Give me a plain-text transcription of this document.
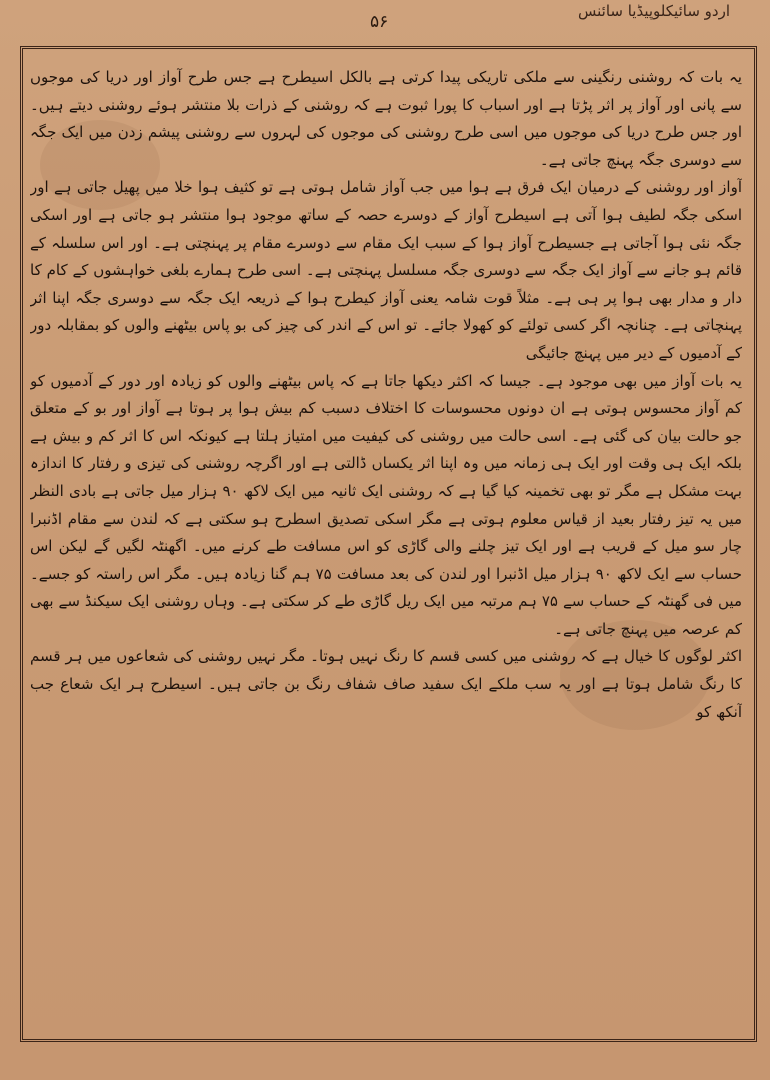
اردو سائیکلوپیڈیا سائنس
۵۶

یہ بات کہ روشنی رنگینی سے ملکی تاریکی پیدا کرتی ہے بالکل اسیطرح ہے جس طرح آواز اور دریا کی موجوں سے پانی اور آواز پر اثر پڑتا ہے اور اسباب کا پورا ثبوت ہے کہ روشنی کے ذرات بلا منتشر ہوئے روشنی دیتے ہیں۔ اور جس طرح دریا کی موجوں میں اسی طرح روشنی کی موجوں کی لہروں سے روشنی پیشم زدن میں ایک جگہ سے دوسری جگہ پہنچ جاتی ہے۔

آواز اور روشنی کے درمیان ایک فرق ہے ہوا میں جب آواز شامل ہوتی ہے تو کثیف ہوا خلا میں پھیل جاتی ہے اور اسکی جگہ لطیف ہوا آتی ہے اسیطرح آواز کے دوسرے حصہ کے ساتھ موجود ہوا منتشر ہو جاتی ہے اور اسکی جگہ نئی ہوا آجاتی ہے جسیطرح آواز ہوا کے سبب ایک مقام سے دوسرے مقام پر پہنچتی ہے۔ اور اس سلسلہ کے قائم ہو جانے سے آواز ایک جگہ سے دوسری جگہ مسلسل پہنچتی ہے۔ اسی طرح ہمارے بلغی خواہشوں کے کام کا دار و مدار بھی ہوا پر ہی ہے۔ مثلاً قوت شامہ یعنی آواز کیطرح ہوا کے ذریعہ ایک جگہ سے دوسری جگہ اپنا اثر پہنچاتی ہے۔ چنانچہ اگر کسی تولئے کو کھولا جائے۔ تو اس کے اندر کی چیز کی بو پاس بیٹھنے والوں کو بمقابلہ دور کے آدمیوں کے دیر میں پہنچ جائیگی

یہ بات آواز میں بھی موجود ہے۔ جیسا کہ اکثر دیکھا جاتا ہے کہ پاس بیٹھنے والوں کو زیادہ اور دور کے آدمیوں کو کم آواز محسوس ہوتی ہے ان دونوں محسوسات کا اختلاف دسبب کم بیش ہوا پر ہوتا ہے آواز اور بو کے متعلق جو حالت بیان کی گئی ہے۔ اسی حالت میں روشنی کی کیفیت میں امتیاز ہلتا ہے کیونکہ اس کا اثر کم و بیش ہے بلکہ ایک ہی وقت اور ایک ہی زمانہ میں وہ اپنا اثر یکساں ڈالتی ہے اور اگرچہ روشنی کی تیزی و رفتار کا اندازہ بہت مشکل ہے مگر تو بھی تخمینہ کیا گیا ہے کہ روشنی ایک ثانیہ میں ایک لاکھ ۹۰ ہزار میل جاتی ہے بادی النظر میں یہ تیز رفتار بعید از قیاس معلوم ہوتی ہے مگر اسکی تصدیق اسطرح ہو سکتی ہے کہ لندن سے مقام اڈنبرا چار سو میل کے قریب ہے اور ایک تیز چلنے والی گاڑی کو اس مسافت طے کرنے میں۔ اگھنٹہ لگیں گے لیکن اس حساب سے ایک لاکھ ۹۰ ہزار میل اڈنبرا اور لندن کی بعد مسافت ۷۵ ہم گنا زیادہ ہیں۔ مگر اس راستہ کو جسے۔ میں فی گھنٹہ کے حساب سے ۷۵ ہم مرتبہ میں ایک ریل گاڑی طے کر سکتی ہے۔ وہاں روشنی ایک سیکنڈ سے بھی کم عرصہ میں پہنچ جاتی ہے۔

اکثر لوگوں کا خیال ہے کہ روشنی میں کسی قسم کا رنگ نہیں ہوتا۔ مگر نہیں روشنی کی شعاعوں میں ہر قسم کا رنگ شامل ہوتا ہے اور یہ سب ملکے ایک سفید صاف شفاف رنگ بن جاتی ہیں۔ اسیطرح ہر ایک شعاع جب آنکھ کو
